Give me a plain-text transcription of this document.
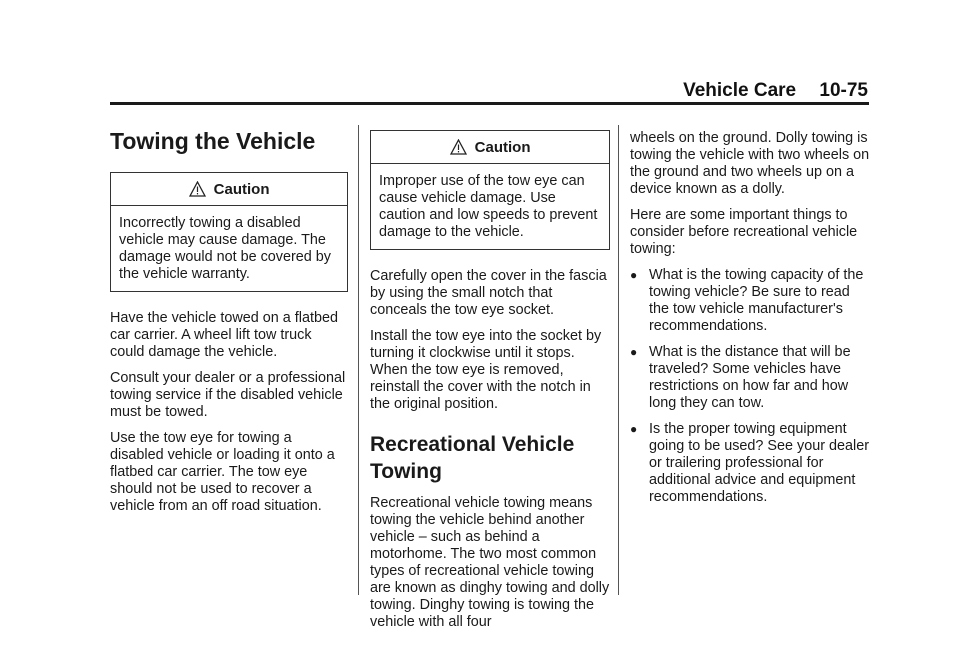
Vehicle Care 10-75
Towing the Vehicle
Caution
Incorrectly towing a disabled vehicle may cause damage. The damage would not be covered by the vehicle warranty.

Have the vehicle towed on a flatbed car carrier. A wheel lift tow truck could damage the vehicle.

Consult your dealer or a professional towing service if the disabled vehicle must be towed.

Use the tow eye for towing a disabled vehicle or loading it onto a flatbed car carrier. The tow eye should not be used to recover a vehicle from an off road situation.

Caution
Improper use of the tow eye can cause vehicle damage. Use caution and low speeds to prevent damage to the vehicle.

Carefully open the cover in the fascia by using the small notch that conceals the tow eye socket.

Install the tow eye into the socket by turning it clockwise until it stops. When the tow eye is removed, reinstall the cover with the notch in the original position.

Recreational Vehicle Towing

Recreational vehicle towing means towing the vehicle behind another vehicle – such as behind a motorhome. The two most common types of recreational vehicle towing are known as dinghy towing and dolly towing. Dinghy towing is towing the vehicle with all four

wheels on the ground. Dolly towing is towing the vehicle with two wheels on the ground and two wheels up on a device known as a dolly.

Here are some important things to consider before recreational vehicle towing:

● What is the towing capacity of the towing vehicle? Be sure to read the tow vehicle manufacturer's recommendations.
● What is the distance that will be traveled? Some vehicles have restrictions on how far and how long they can tow.
● Is the proper towing equipment going to be used? See your dealer or trailering professional for additional advice and equipment recommendations.
